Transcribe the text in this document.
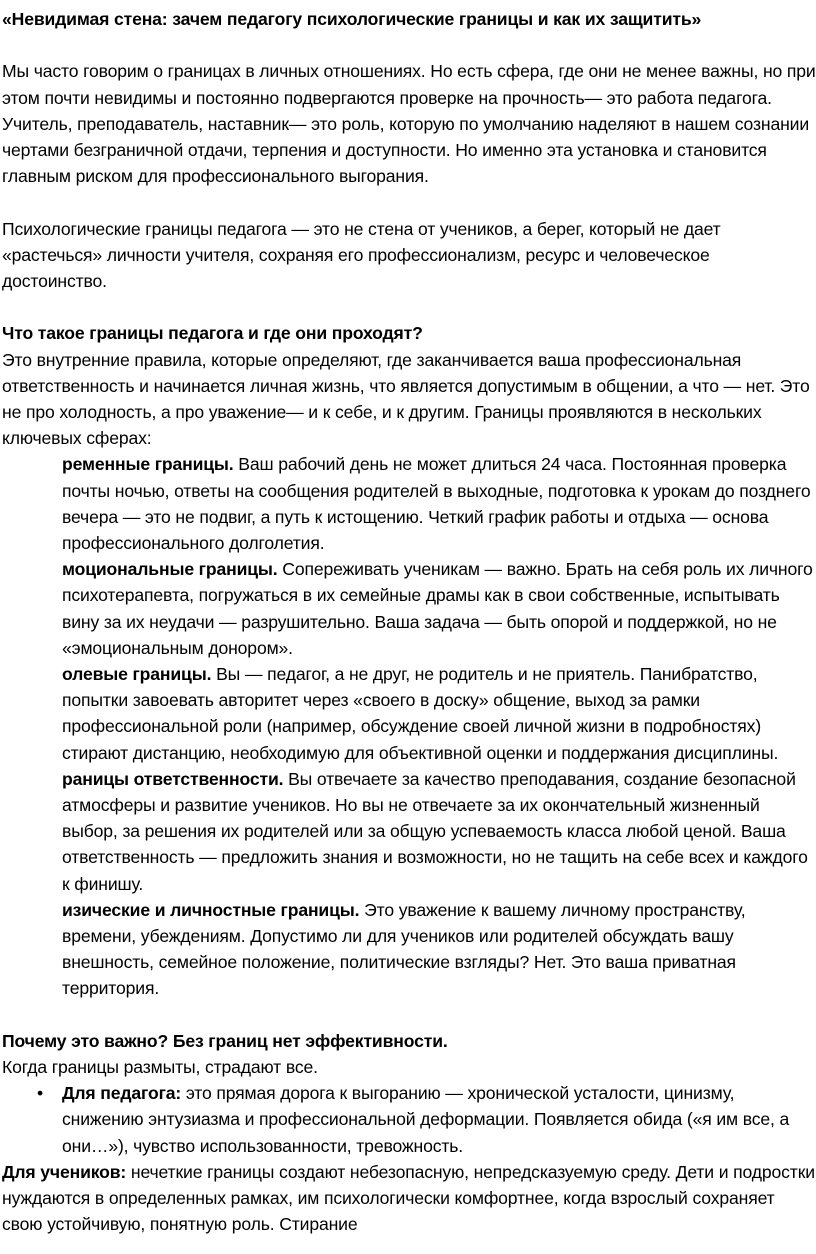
«Невидимая стена: зачем педагогу психологические границы и как их защитить»

Мы часто говорим о границах в личных отношениях. Но есть сфера, где они не менее важны, но при этом почти невидимы и постоянно подвергаются проверке на прочность— это работа педагога. Учитель, преподаватель, наставник— это роль, которую по умолчанию наделяют в нашем сознании чертами безграничной отдачи, терпения и доступности. Но именно эта установка и становится главным риском для профессионального выгорания.

Психологические границы педагога — это не стена от учеников, а берег, который не дает «растечься» личности учителя, сохраняя его профессионализм, ресурс и человеческое достоинство.

Что такое границы педагога и где они проходят?

Это внутренние правила, которые определяют, где заканчивается ваша профессиональная ответственность и начинается личная жизнь, что является допустимым в общении, а что — нет. Это не про холодность, а про уважение— и к себе, и к другим. Границы проявляются в нескольких ключевых сферах:

ременные границы. Ваш рабочий день не может длиться 24 часа. Постоянная проверка почты ночью, ответы на сообщения родителей в выходные, подготовка к урокам до позднего вечера — это не подвиг, а путь к истощению. Четкий график работы и отдыха — основа профессионального долголетия.

моциональные границы. Сопереживать ученикам — важно. Брать на себя роль их личного психотерапевта, погружаться в их семейные драмы как в свои собственные, испытывать вину за их неудачи — разрушительно. Ваша задача — быть опорой и поддержкой, но не «эмоциональным донором».

олевые границы. Вы — педагог, а не друг, не родитель и не приятель. Панибратство, попытки завоевать авторитет через «своего в доску» общение, выход за рамки профессиональной роли (например, обсуждение своей личной жизни в подробностях) стирают дистанцию, необходимую для объективной оценки и поддержания дисциплины.

раницы ответственности. Вы отвечаете за качество преподавания, создание безопасной атмосферы и развитие учеников. Но вы не отвечаете за их окончательный жизненный выбор, за решения их родителей или за общую успеваемость класса любой ценой. Ваша ответственность — предложить знания и возможности, но не тащить на себе всех и каждого к финишу.

изические и личностные границы. Это уважение к вашему личному пространству, времени, убеждениям. Допустимо ли для учеников или родителей обсуждать вашу внешность, семейное положение, политические взгляды? Нет. Это ваша приватная территория.

Почему это важно? Без границ нет эффективности.

Когда границы размыты, страдают все.

• Для педагога: это прямая дорога к выгоранию — хронической усталости, цинизму, снижению энтузиазма и профессиональной деформации. Появляется обида («я им все, а они…»), чувство использованности, тревожность.

Для учеников: нечеткие границы создают небезопасную, непредсказуемую среду. Дети и подростки нуждаются в определенных рамках, им психологически комфортнее, когда взрослый сохраняет свою устойчивую, понятную роль. Стирание
